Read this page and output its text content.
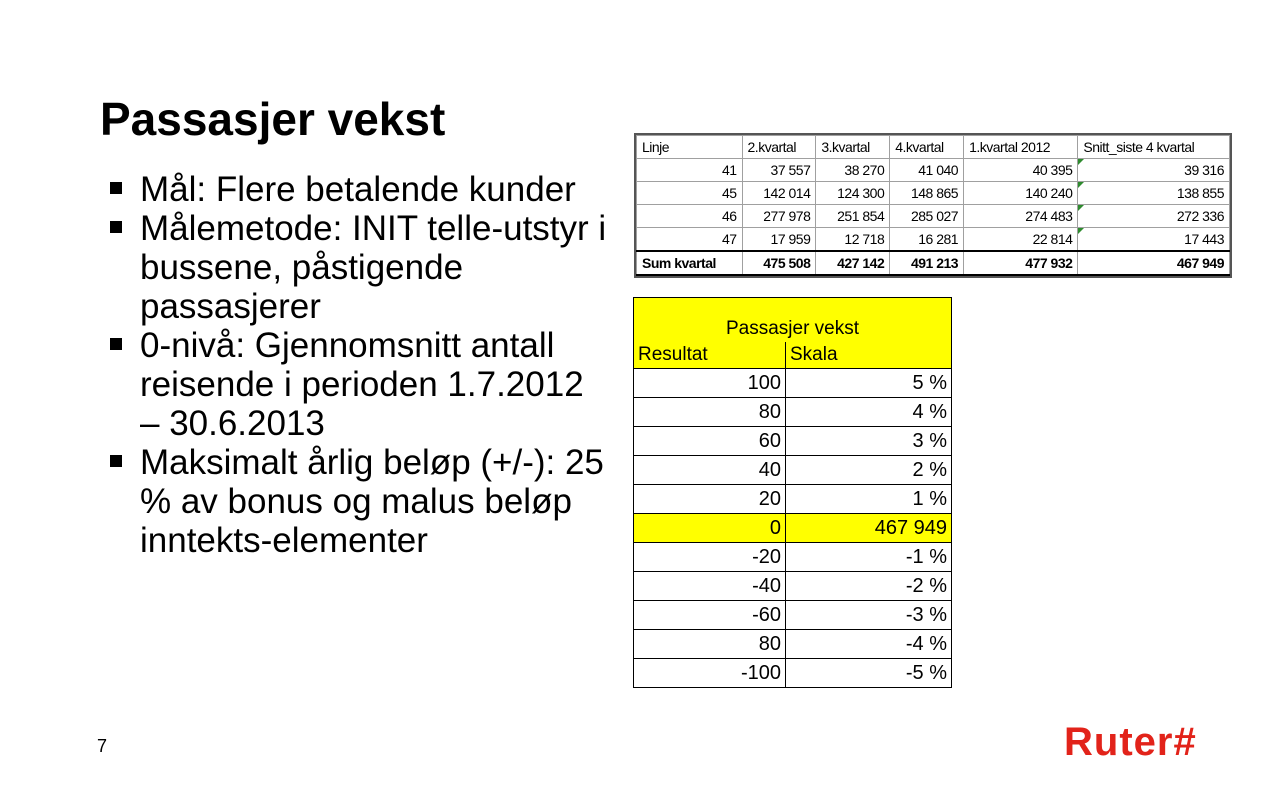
Passasjer vekst
Mål: Flere betalende kunder
Målemetode: INIT telle-utstyr i bussene, påstigende passasjerer
0-nivå: Gjennomsnitt antall reisende i perioden 1.7.2012 – 30.6.2013
Maksimalt årlig beløp (+/-): 25 % av bonus og malus beløp inntekts-elementer
Linje	2.kvartal	3.kvartal	4.kvartal	1.kvartal 2012	Snitt_siste 4 kvartal
41	37 557	38 270	41 040	40 395	39 316
45	142 014	124 300	148 865	140 240	138 855
46	277 978	251 854	285 027	274 483	272 336
47	17 959	12 718	16 281	22 814	17 443
Sum kvartal	475 508	427 142	491 213	477 932	467 949
Passasjer vekst	
Resultat	Skala
100	5 %
80	4 %
60	3 %
40	2 %
20	1 %
0	467 949
-20	-1 %
-40	-2 %
-60	-3 %
80	-4 %
-100	-5 %
7	Ruter#
